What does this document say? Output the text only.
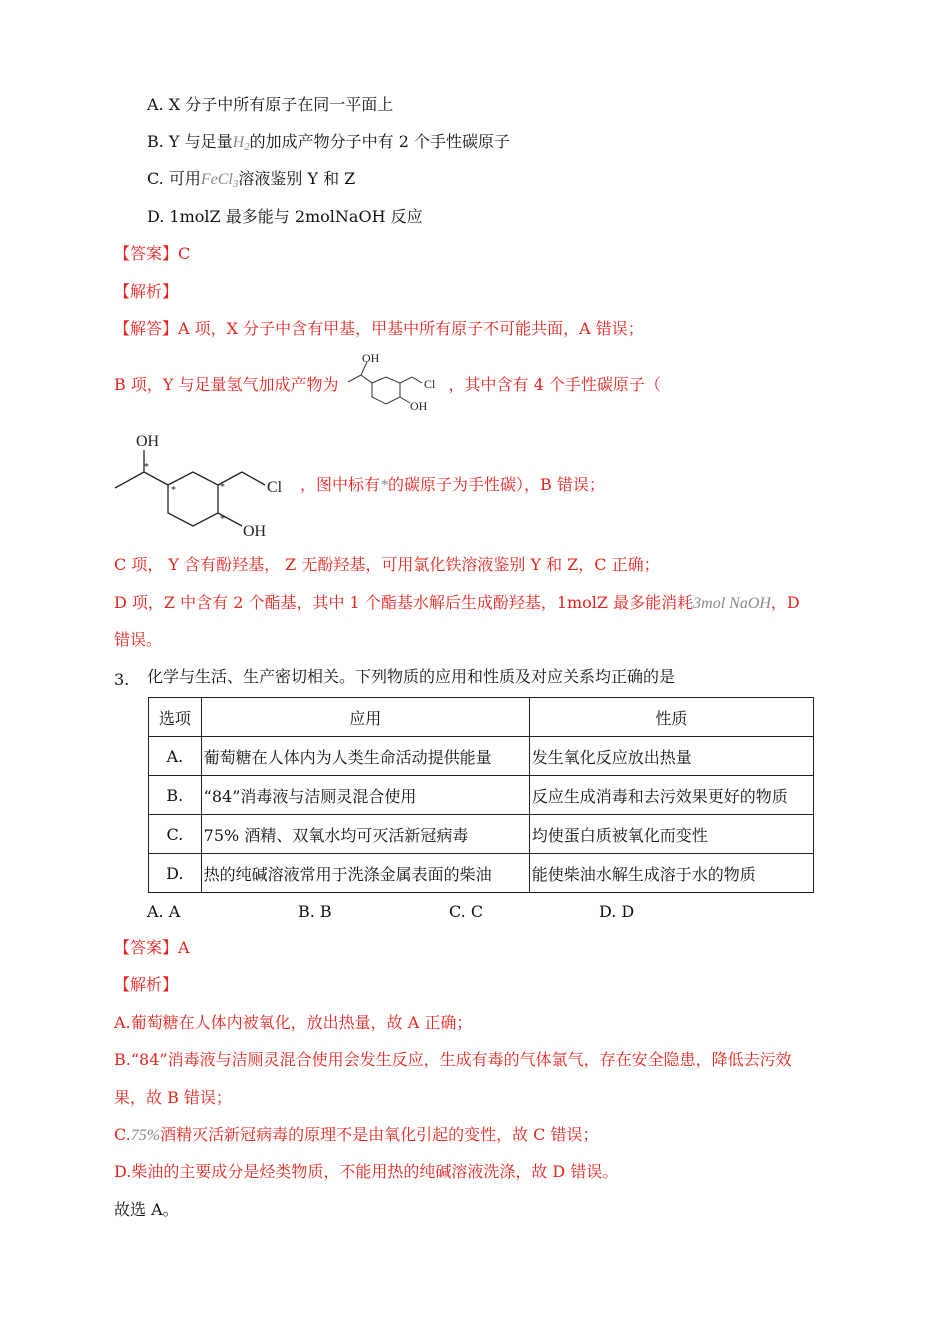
A. X 分子中所有原子在同一平面上
B. Y 与足量$H_2$的加成产物分子中有 2 个手性碳原子
C. 可用FeCl$_3$溶液鉴别 Y 和 Z
D. 1molZ 最多能与 2molNaOH 反应
【答案】C
【解析】
【解答】A 项，X 分子中含有甲基，甲基中所有原子不可能共面，A 错误；
B 项，Y 与足量氢气加成产物为	，其中含有 4 个手性碳原子（
OH
Cl
OH
OH
Cl
OH
*
*	*
*
，图中标有*的碳原子为手性碳），B 错误；
C 项， Y 含有酚羟基， Z 无酚羟基，可用氯化铁溶液鉴别 Y 和 Z，C 正确；
D 项，Z 中含有 2 个酯基，其中 1 个酯基水解后生成酚羟基，1molZ 最多能消耗3mol NaOH，D
错误。
3. 化学与生活、生产密切相关。下列物质的应用和性质及对应关系均正确的是
选项	应用	性质
A.	葡萄糖在人体内为人类生命活动提供能量	发生氧化反应放出热量
B.	“84”消毒液与洁厕灵混合使用	反应生成消毒和去污效果更好的物质
C.	75% 酒精、双氧水均可灭活新冠病毒	均使蛋白质被氧化而变性
D.	热的纯碱溶液常用于洗涤金属表面的柴油	能使柴油水解生成溶于水的物质
A. A	B. B	C. C	D. D
【答案】A
【解析】
A.葡萄糖在人体内被氧化，放出热量，故 A 正确；
B.“84”消毒液与洁厕灵混合使用会发生反应，生成有毒的气体氯气，存在安全隐患，降低去污效
果，故 B 错误；
C.75%酒精灭活新冠病毒的原理不是由氧化引起的变性，故 C 错误；
D.柴油的主要成分是烃类物质，不能用热的纯碱溶液洗涤，故 D 错误。
故选 A。
